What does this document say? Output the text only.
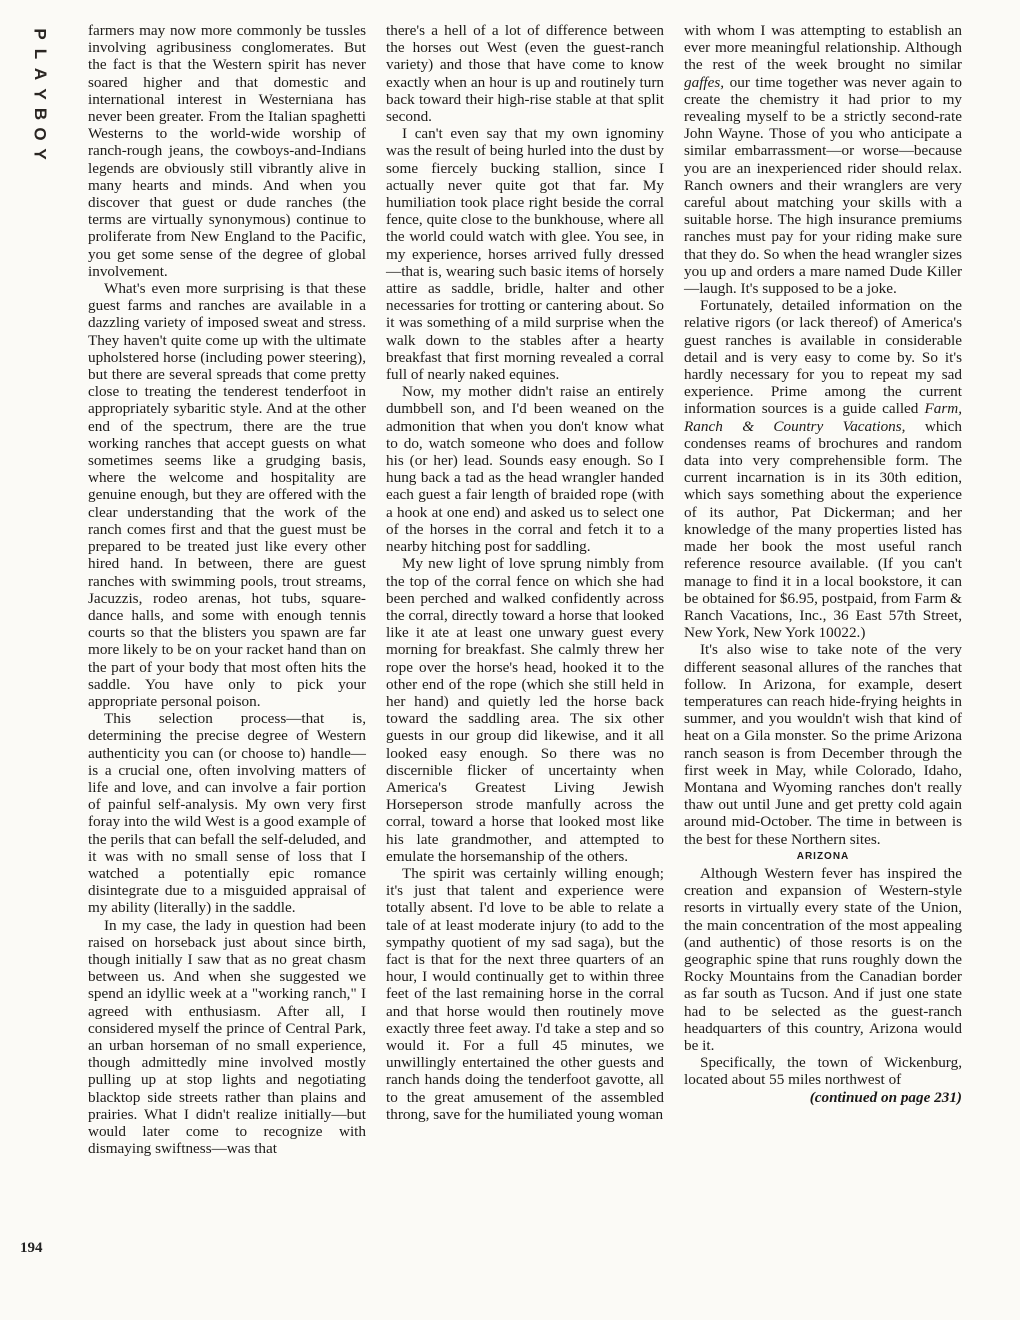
P
L
A
Y
B
O
Y
194

farmers may now more commonly be tussles involving agribusiness conglomerates. But the fact is that the Western spirit has never soared higher and that domestic and international interest in Westerniana has never been greater. From the Italian spaghetti Westerns to the world-wide worship of ranch-rough jeans, the cowboys-and-Indians legends are obviously still vibrantly alive in many hearts and minds. And when you discover that guest or dude ranches (the terms are virtually synonymous) continue to proliferate from New England to the Pacific, you get some sense of the degree of global involvement.

What's even more surprising is that these guest farms and ranches are available in a dazzling variety of imposed sweat and stress. They haven't quite come up with the ultimate upholstered horse (including power steering), but there are several spreads that come pretty close to treating the tenderest tenderfoot in appropriately sybaritic style. And at the other end of the spectrum, there are the true working ranches that accept guests on what sometimes seems like a grudging basis, where the welcome and hospitality are genuine enough, but they are offered with the clear understanding that the work of the ranch comes first and that the guest must be prepared to be treated just like every other hired hand. In between, there are guest ranches with swimming pools, trout streams, Jacuzzis, rodeo arenas, hot tubs, square-dance halls, and some with enough tennis courts so that the blisters you spawn are far more likely to be on your racket hand than on the part of your body that most often hits the saddle. You have only to pick your appropriate personal poison.

This selection process—that is, determining the precise degree of Western authenticity you can (or choose to) handle—is a crucial one, often involving matters of life and love, and can involve a fair portion of painful self-analysis. My own very first foray into the wild West is a good example of the perils that can befall the self-deluded, and it was with no small sense of loss that I watched a potentially epic romance disintegrate due to a misguided appraisal of my ability (literally) in the saddle.

In my case, the lady in question had been raised on horseback just about since birth, though initially I saw that as no great chasm between us. And when she suggested we spend an idyllic week at a "working ranch," I agreed with enthusiasm. After all, I considered myself the prince of Central Park, an urban horseman of no small experience, though admittedly mine involved mostly pulling up at stop lights and negotiating blacktop side streets rather than plains and prairies. What I didn't realize initially—but would later come to recognize with dismaying swiftness—was that

there's a hell of a lot of difference between the horses out West (even the guest-ranch variety) and those that have come to know exactly when an hour is up and routinely turn back toward their high-rise stable at that split second.

I can't even say that my own ignominy was the result of being hurled into the dust by some fiercely bucking stallion, since I actually never quite got that far. My humiliation took place right beside the corral fence, quite close to the bunkhouse, where all the world could watch with glee. You see, in my experience, horses arrived fully dressed—that is, wearing such basic items of horsely attire as saddle, bridle, halter and other necessaries for trotting or cantering about. So it was something of a mild surprise when the walk down to the stables after a hearty breakfast that first morning revealed a corral full of nearly naked equines.

Now, my mother didn't raise an entirely dumbbell son, and I'd been weaned on the admonition that when you don't know what to do, watch someone who does and follow his (or her) lead. Sounds easy enough. So I hung back a tad as the head wrangler handed each guest a fair length of braided rope (with a hook at one end) and asked us to select one of the horses in the corral and fetch it to a nearby hitching post for saddling.

My new light of love sprung nimbly from the top of the corral fence on which she had been perched and walked confidently across the corral, directly toward a horse that looked like it ate at least one unwary guest every morning for breakfast. She calmly threw her rope over the horse's head, hooked it to the other end of the rope (which she still held in her hand) and quietly led the horse back toward the saddling area. The six other guests in our group did likewise, and it all looked easy enough. So there was no discernible flicker of uncertainty when America's Greatest Living Jewish Horseperson strode manfully across the corral, toward a horse that looked most like his late grandmother, and attempted to emulate the horsemanship of the others.

The spirit was certainly willing enough; it's just that talent and experience were totally absent. I'd love to be able to relate a tale of at least moderate injury (to add to the sympathy quotient of my sad saga), but the fact is that for the next three quarters of an hour, I would continually get to within three feet of the last remaining horse in the corral and that horse would then routinely move exactly three feet away. I'd take a step and so would it. For a full 45 minutes, we unwillingly entertained the other guests and ranch hands doing the tenderfoot gavotte, all to the great amusement of the assembled throng, save for the humiliated young woman

with whom I was attempting to establish an ever more meaningful relationship. Although the rest of the week brought no similar gaffes, our time together was never again to create the chemistry it had prior to my revealing myself to be a strictly second-rate John Wayne. Those of you who anticipate a similar embarrassment—or worse—because you are an inexperienced rider should relax. Ranch owners and their wranglers are very careful about matching your skills with a suitable horse. The high insurance premiums ranches must pay for your riding make sure that they do. So when the head wrangler sizes you up and orders a mare named Dude Killer—laugh. It's supposed to be a joke.

Fortunately, detailed information on the relative rigors (or lack thereof) of America's guest ranches is available in considerable detail and is very easy to come by. So it's hardly necessary for you to repeat my sad experience. Prime among the current information sources is a guide called Farm, Ranch & Country Vacations, which condenses reams of brochures and random data into very comprehensible form. The current incarnation is in its 30th edition, which says something about the experience of its author, Pat Dickerman; and her knowledge of the many properties listed has made her book the most useful ranch reference resource available. (If you can't manage to find it in a local bookstore, it can be obtained for $6.95, postpaid, from Farm & Ranch Vacations, Inc., 36 East 57th Street, New York, New York 10022.)

It's also wise to take note of the very different seasonal allures of the ranches that follow. In Arizona, for example, desert temperatures can reach hide-frying heights in summer, and you wouldn't wish that kind of heat on a Gila monster. So the prime Arizona ranch season is from December through the first week in May, while Colorado, Idaho, Montana and Wyoming ranches don't really thaw out until June and get pretty cold again around mid-October. The time in between is the best for these Northern sites.

ARIZONA

Although Western fever has inspired the creation and expansion of Western-style resorts in virtually every state of the Union, the main concentration of the most appealing (and authentic) of those resorts is on the geographic spine that runs roughly down the Rocky Mountains from the Canadian border as far south as Tucson. And if just one state had to be selected as the guest-ranch headquarters of this country, Arizona would be it.

Specifically, the town of Wickenburg, located about 55 miles northwest of

(continued on page 231)
